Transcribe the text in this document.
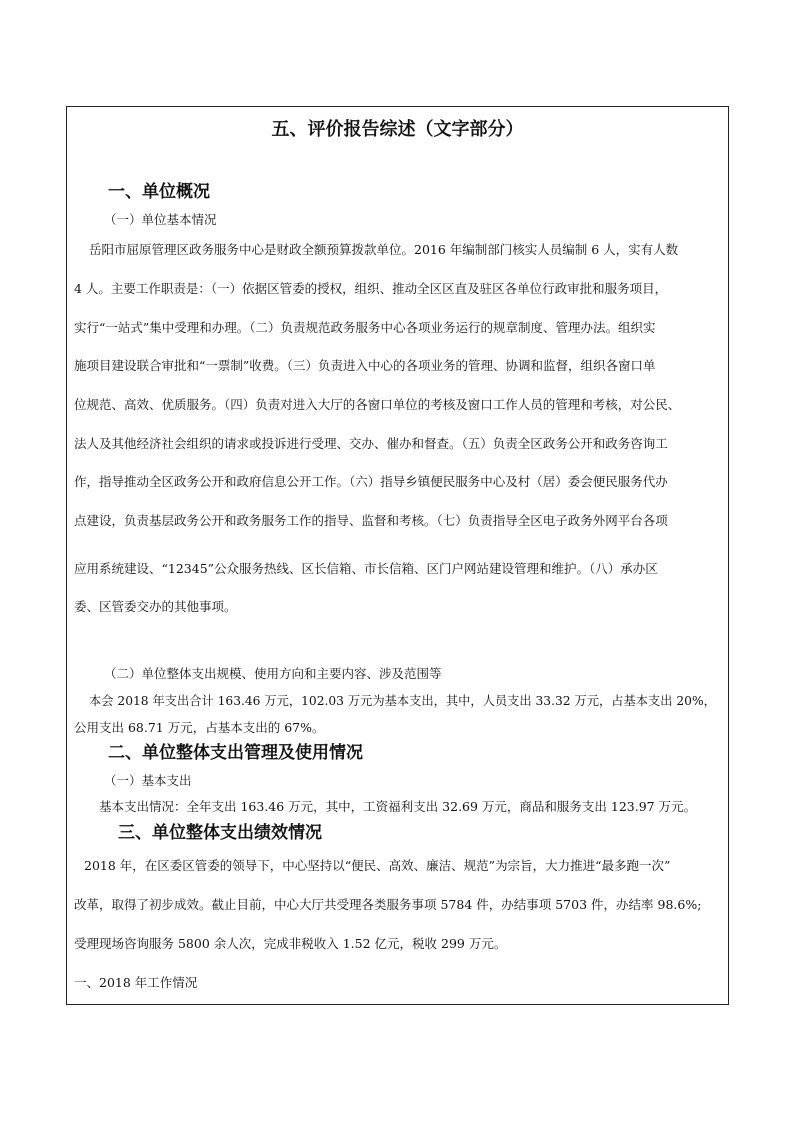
五、评价报告综述（文字部分）
一、单位概况
（一）单位基本情况
岳阳市屈原管理区政务服务中心是财政全额预算拨款单位。2016 年编制部门核实人员编制 6 人，实有人数
4 人。主要工作职责是：（一）依据区管委的授权，组织、推动全区区直及驻区各单位行政审批和服务项目，
实行“一站式”集中受理和办理。（二）负责规范政务服务中心各项业务运行的规章制度、管理办法。组织实
施项目建设联合审批和“一票制”收费。（三）负责进入中心的各项业务的管理、协调和监督，组织各窗口单
位规范、高效、优质服务。（四）负责对进入大厅的各窗口单位的考核及窗口工作人员的管理和考核，对公民、
法人及其他经济社会组织的请求或投诉进行受理、交办、催办和督查。（五）负责全区政务公开和政务咨询工
作，指导推动全区政务公开和政府信息公开工作。（六）指导乡镇便民服务中心及村（居）委会便民服务代办
点建设，负责基层政务公开和政务服务工作的指导、监督和考核。（七）负责指导全区电子政务外网平台各项
应用系统建设、“12345”公众服务热线、区长信箱、市长信箱、区门户网站建设管理和维护。（八）承办区
委、区管委交办的其他事项。
（二）单位整体支出规模、使用方向和主要内容、涉及范围等
本会 2018 年支出合计 163.46 万元，102.03 万元为基本支出，其中，人员支出 33.32 万元，占基本支出 20%，
公用支出 68.71 万元，占基本支出的 67%。
二、单位整体支出管理及使用情况
（一）基本支出
基本支出情况：全年支出 163.46 万元，其中，工资福利支出 32.69 万元，商品和服务支出 123.97 万元。
三、单位整体支出绩效情况
2018 年，在区委区管委的领导下，中心坚持以“便民、高效、廉洁、规范”为宗旨，大力推进“最多跑一次”
改革，取得了初步成效。截止目前，中心大厅共受理各类服务事项 5784 件，办结事项 5703 件，办结率 98.6%;
受理现场咨询服务 5800 余人次，完成非税收入 1.52 亿元，税收 299 万元。
一、2018 年工作情况
